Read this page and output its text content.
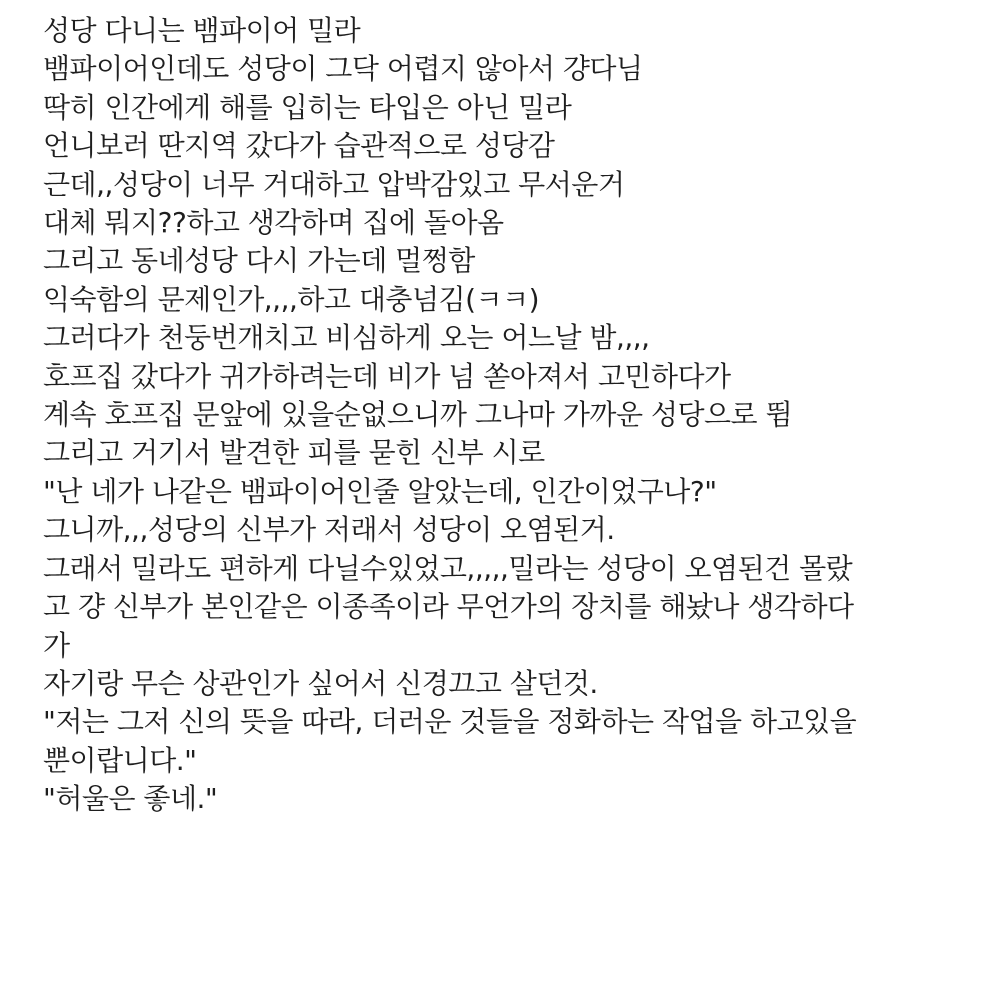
성당 다니는 뱀파이어 밀라
뱀파이어인데도 성당이 그닥 어렵지 않아서 걍다님
딱히 인간에게 해를 입히는 타입은 아닌 밀라
언니보러 딴지역 갔다가 습관적으로 성당감
근데,,성당이 너무 거대하고 압박감있고 무서운거
대체 뭐지??하고 생각하며 집에 돌아옴
그리고 동네성당 다시 가는데 멀쩡함
익숙함의 문제인가,,,,하고 대충넘김(ㅋㅋ)
그러다가 천둥번개치고 비심하게 오는 어느날 밤,,,,
호프집 갔다가 귀가하려는데 비가 넘 쏟아져서 고민하다가
계속 호프집 문앞에 있을순없으니까 그나마 가까운 성당으로 뜀
그리고 거기서 발견한 피를 묻힌 신부 시로
"난 네가 나같은 뱀파이어인줄 알았는데, 인간이었구나?"
그니까,,,성당의 신부가 저래서 성당이 오염된거.
그래서 밀라도 편하게 다닐수있었고,,,,,밀라는 성당이 오염된건 몰랐
고 걍 신부가 본인같은 이종족이라 무언가의 장치를 해놨나 생각하다
가
자기랑 무슨 상관인가 싶어서 신경끄고 살던것.
"저는 그저 신의 뜻을 따라, 더러운 것들을 정화하는 작업을 하고있을
뿐이랍니다."
"허울은 좋네."
